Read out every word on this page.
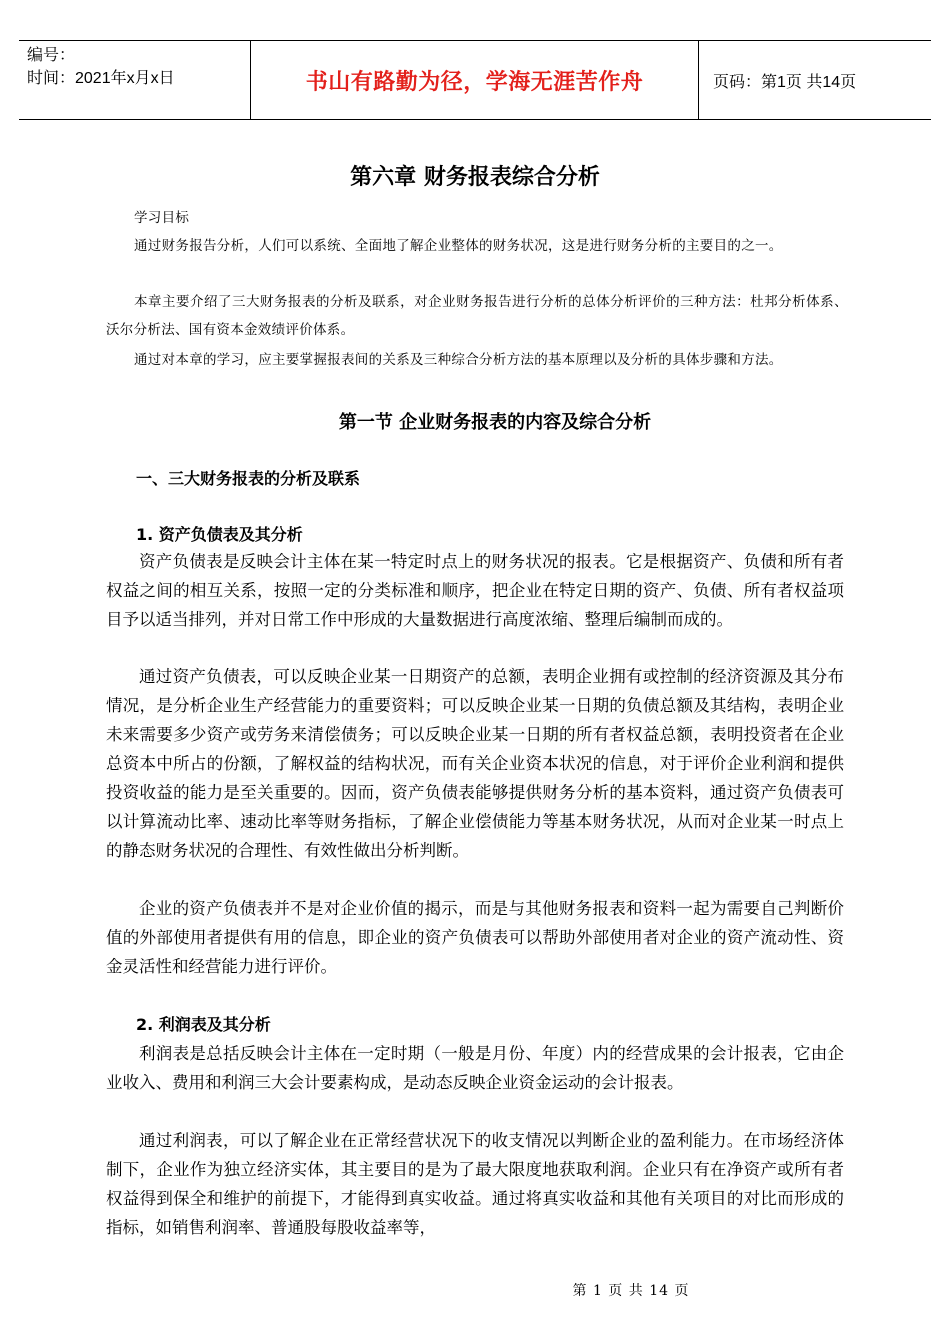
编号：
时间：2021年x月x日	书山有路勤为径，学海无涯苦作舟	页码：第1页 共14页
第六章 财务报表综合分析
学习目标
通过财务报告分析，人们可以系统、全面地了解企业整体的财务状况，这是进行财务分析的主要目的之一。
本章主要介绍了三大财务报表的分析及联系，对企业财务报告进行分析的总体分析评价的三种方法：杜邦分析体系、沃尔分析法、国有资本金效绩评价体系。
通过对本章的学习，应主要掌握报表间的关系及三种综合分析方法的基本原理以及分析的具体步骤和方法。
第一节 企业财务报表的内容及综合分析
一、三大财务报表的分析及联系
1. 资产负债表及其分析
资产负债表是反映会计主体在某一特定时点上的财务状况的报表。它是根据资产、负债和所有者权益之间的相互关系，按照一定的分类标准和顺序，把企业在特定日期的资产、负债、所有者权益项目予以适当排列，并对日常工作中形成的大量数据进行高度浓缩、整理后编制而成的。
通过资产负债表，可以反映企业某一日期资产的总额，表明企业拥有或控制的经济资源及其分布情况，是分析企业生产经营能力的重要资料；可以反映企业某一日期的负债总额及其结构，表明企业未来需要多少资产或劳务来清偿债务；可以反映企业某一日期的所有者权益总额，表明投资者在企业总资本中所占的份额，了解权益的结构状况，而有关企业资本状况的信息，对于评价企业利润和提供投资收益的能力是至关重要的。因而，资产负债表能够提供财务分析的基本资料，通过资产负债表可以计算流动比率、速动比率等财务指标，了解企业偿债能力等基本财务状况，从而对企业某一时点上的静态财务状况的合理性、有效性做出分析判断。
企业的资产负债表并不是对企业价值的揭示，而是与其他财务报表和资料一起为需要自己判断价值的外部使用者提供有用的信息，即企业的资产负债表可以帮助外部使用者对企业的资产流动性、资金灵活性和经营能力进行评价。
2. 利润表及其分析
利润表是总括反映会计主体在一定时期（一般是月份、年度）内的经营成果的会计报表，它由企业收入、费用和利润三大会计要素构成，是动态反映企业资金运动的会计报表。
通过利润表，可以了解企业在正常经营状况下的收支情况以判断企业的盈利能力。在市场经济体制下，企业作为独立经济实体，其主要目的是为了最大限度地获取利润。企业只有在净资产或所有者权益得到保全和维护的前提下，才能得到真实收益。通过将真实收益和其他有关项目的对比而形成的指标，如销售利润率、普通股每股收益率等，
第 1 页 共 14 页
